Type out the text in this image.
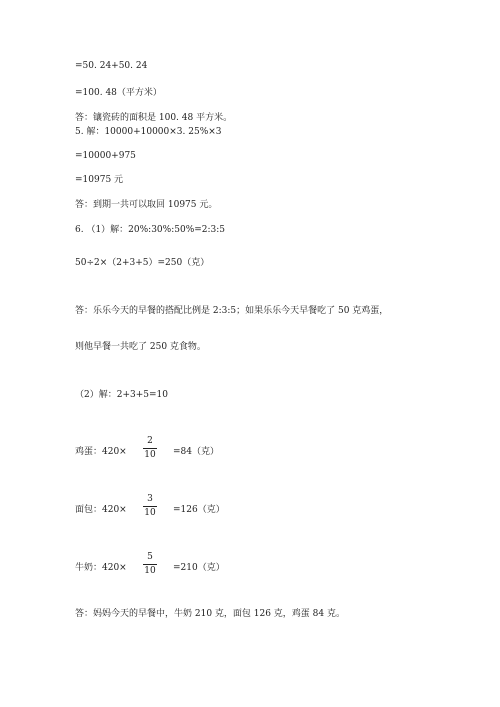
=50. 24+50. 24
=100. 48（平方米）
答：镶瓷砖的面积是 100. 48 平方米。
5. 解：10000+10000×3. 25%×3
=10000+975
=10975 元
答：到期一共可以取回 10975 元。
6. （1）解：20%:30%:50%=2:3:5
50÷2×（2+3+5）=250（克）
答：乐乐今天的早餐的搭配比例是 2:3:5；如果乐乐今天早餐吃了 50 克鸡蛋，
则他早餐一共吃了 250 克食物。
（2）解：2+3+5=10
鸡蛋：$420\times \frac{2}{10} =84$（克）
面包：$420\times \frac{3}{10} =126$（克）
牛奶：$420\times \frac{5}{10} =210$（克）
答：妈妈今天的早餐中，牛奶 210 克，面包 126 克，鸡蛋 84 克。
